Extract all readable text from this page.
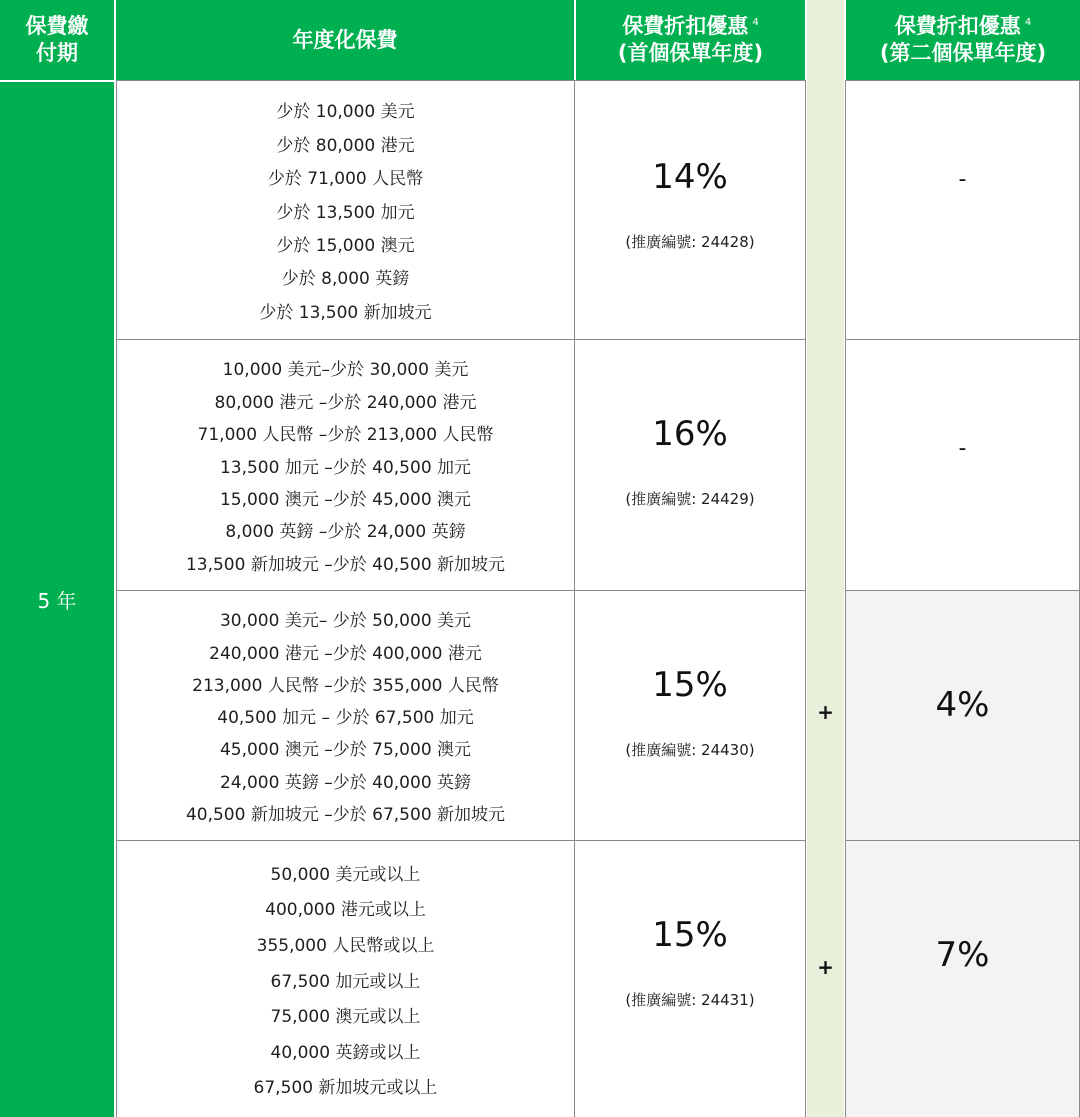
保費繳
付期
年度化保費
保費折扣優惠 $^4$
(首個保單年度)
保費折扣優惠 $^4$
(第二個保單年度)
5 年
少於 10,000 美元
少於 80,000 港元
少於 71,000 人民幣
少於 13,500 加元
少於 15,000 澳元
少於 8,000 英鎊
少於 13,500 新加坡元
14%
(推廣編號: 24428)
-
10,000 美元–少於 30,000 美元
80,000 港元 –少於 240,000 港元
71,000 人民幣 –少於 213,000 人民幣
13,500 加元 –少於 40,500 加元
15,000 澳元 –少於 45,000 澳元
8,000 英鎊 –少於 24,000 英鎊
13,500 新加坡元 –少於 40,500 新加坡元
16%
(推廣編號: 24429)
-
30,000 美元– 少於 50,000 美元
240,000 港元 –少於 400,000 港元
213,000 人民幣 –少於 355,000 人民幣
40,500 加元 – 少於 67,500 加元
45,000 澳元 –少於 75,000 澳元
24,000 英鎊 –少於 40,000 英鎊
40,500 新加坡元 –少於 67,500 新加坡元
15%
(推廣編號: 24430)
4%
+
50,000 美元或以上
400,000 港元或以上
355,000 人民幣或以上
67,500 加元或以上
75,000 澳元或以上
40,000 英鎊或以上
67,500 新加坡元或以上
15%
(推廣編號: 24431)
7%
+
